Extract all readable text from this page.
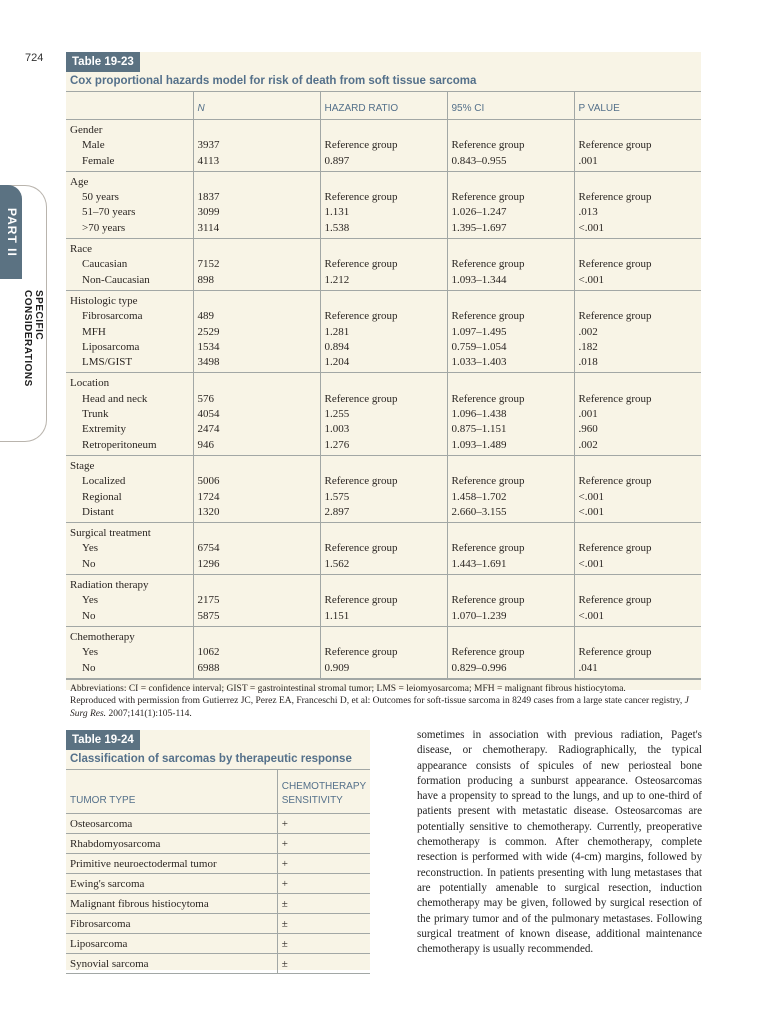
724
PART II
SPECIFIC CONSIDERATIONS
Table 19-23
Cox proportional hazards model for risk of death from soft tissue sarcoma
	N	HAZARD RATIO	95% CI	P VALUE
Gender				
Male	3937	Reference group	Reference group	Reference group
Female	4113	0.897	0.843–0.955	.001
Age				
50 years	1837	Reference group	Reference group	Reference group
51–70 years	3099	1.131	1.026–1.247	.013
>70 years	3114	1.538	1.395–1.697	<.001
Race				
Caucasian	7152	Reference group	Reference group	Reference group
Non-Caucasian	898	1.212	1.093–1.344	<.001
Histologic type				
Fibrosarcoma	489	Reference group	Reference group	Reference group
MFH	2529	1.281	1.097–1.495	.002
Liposarcoma	1534	0.894	0.759–1.054	.182
LMS/GIST	3498	1.204	1.033–1.403	.018
Location				
Head and neck	576	Reference group	Reference group	Reference group
Trunk	4054	1.255	1.096–1.438	.001
Extremity	2474	1.003	0.875–1.151	.960
Retroperitoneum	946	1.276	1.093–1.489	.002
Stage				
Localized	5006	Reference group	Reference group	Reference group
Regional	1724	1.575	1.458–1.702	<.001
Distant	1320	2.897	2.660–3.155	<.001
Surgical treatment				
Yes	6754	Reference group	Reference group	Reference group
No	1296	1.562	1.443–1.691	<.001
Radiation therapy				
Yes	2175	Reference group	Reference group	Reference group
No	5875	1.151	1.070–1.239	<.001
Chemotherapy				
Yes	1062	Reference group	Reference group	Reference group
No	6988	0.909	0.829–0.996	.041
Abbreviations: CI = confidence interval; GIST = gastrointestinal stromal tumor; LMS = leiomyosarcoma; MFH = malignant fibrous histiocytoma.
Reproduced with permission from Gutierrez JC, Perez EA, Franceschi D, et al: Outcomes for soft-tissue sarcoma in 8249 cases from a large state cancer registry, J Surg Res. 2007;141(1):105-114.
Table 19-24
Classification of sarcomas by therapeutic response
TUMOR TYPE	CHEMOTHERAPY SENSITIVITY
Osteosarcoma	+
Rhabdomyosarcoma	+
Primitive neuroectodermal tumor	+
Ewing's sarcoma	+
Malignant fibrous histiocytoma	±
Fibrosarcoma	±
Liposarcoma	±
Synovial sarcoma	±
sometimes in association with previous radiation, Paget's disease, or chemotherapy. Radiographically, the typical appearance consists of spicules of new periosteal bone formation producing a sunburst appearance. Osteosarcomas have a propensity to spread to the lungs, and up to one-third of patients present with metastatic disease. Osteosarcomas are potentially sensitive to chemotherapy. Currently, preoperative chemotherapy is common. After chemotherapy, complete resection is performed with wide (4-cm) margins, followed by reconstruction. In patients presenting with lung metastases that are potentially amenable to surgical resection, induction chemotherapy may be given, followed by surgical resection of the primary tumor and of the pulmonary metastases. Following surgical treatment of known disease, additional maintenance chemotherapy is usually recommended.
